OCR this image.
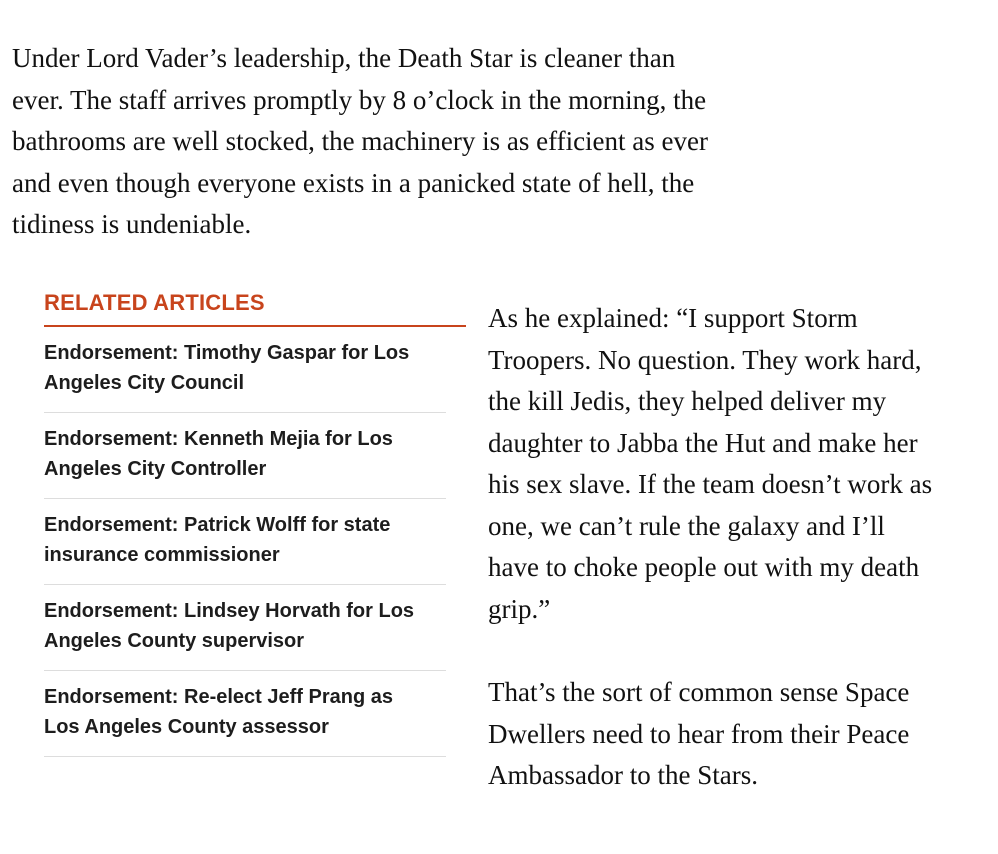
Under Lord Vader’s leadership, the Death Star is cleaner than
ever. The staff arrives promptly by 8 o’clock in the morning, the
bathrooms are well stocked, the machinery is as efficient as ever
and even though everyone exists in a panicked state of hell, the
tidiness is undeniable.

RELATED ARTICLES
Endorsement: Timothy Gaspar for Los
Angeles City Council
Endorsement: Kenneth Mejia for Los
Angeles City Controller
Endorsement: Patrick Wolff for state
insurance commissioner
Endorsement: Lindsey Horvath for Los
Angeles County supervisor
Endorsement: Re-elect Jeff Prang as
Los Angeles County assessor

As he explained: “I support Storm
Troopers. No question. They work hard,
the kill Jedis, they helped deliver my
daughter to Jabba the Hut and make her
his sex slave. If the team doesn’t work as
one, we can’t rule the galaxy and I’ll
have to choke people out with my death
grip.”

That’s the sort of common sense Space
Dwellers need to hear from their Peace
Ambassador to the Stars.
